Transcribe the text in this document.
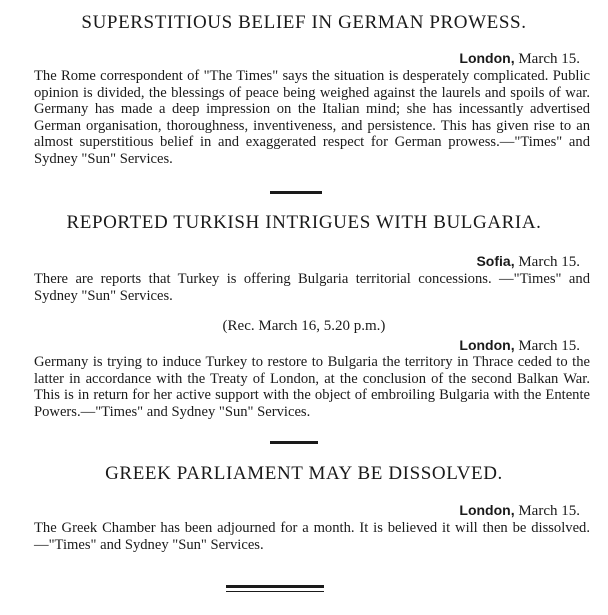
SUPERSTITIOUS BELIEF IN GERMAN PROWESS.

London, March 15.

The Rome correspondent of "The Times" says the situation is desperately complicated. Public opinion is divided, the blessings of peace being weighed against the laurels and spoils of war. Germany has made a deep impression on the Italian mind; she has incessantly advertised German organisation, thoroughness, inventiveness, and persistence. This has given rise to an almost superstitious belief in and exaggerated respect for German prowess.—"Times" and Sydney "Sun" Services.

REPORTED TURKISH INTRIGUES WITH BULGARIA.

Sofia, March 15.

There are reports that Turkey is offering Bulgaria territorial concessions. —"Times" and Sydney "Sun" Services.

(Rec. March 16, 5.20 p.m.)

London, March 15.

Germany is trying to induce Turkey to restore to Bulgaria the territory in Thrace ceded to the latter in accordance with the Treaty of London, at the conclusion of the second Balkan War. This is in return for her active support with the object of embroiling Bulgaria with the Entente Powers.—"Times" and Sydney "Sun" Services.

GREEK PARLIAMENT MAY BE DISSOLVED.

London, March 15.

The Greek Chamber has been adjourned for a month. It is believed it will then be dissolved.—"Times" and Sydney "Sun" Services.
